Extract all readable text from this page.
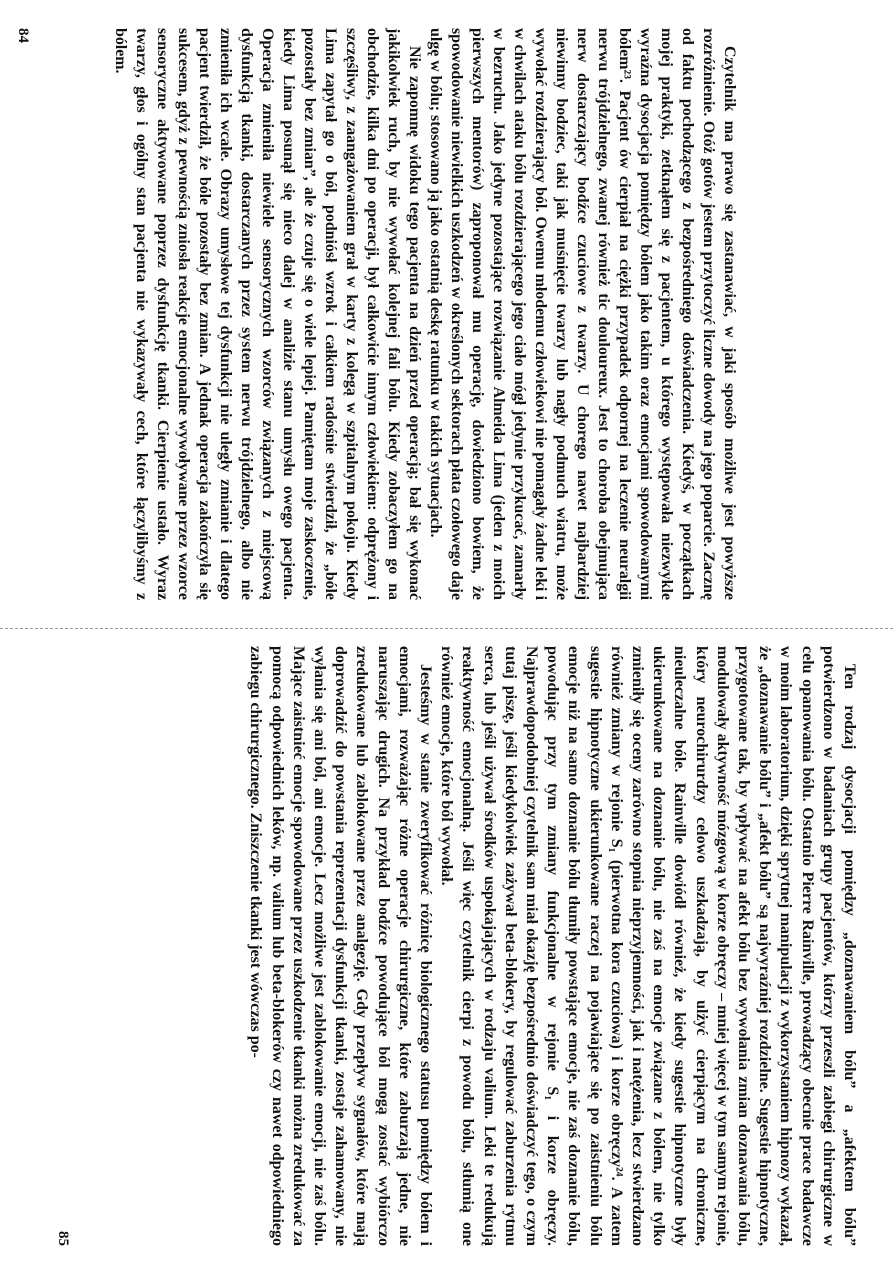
Czytelnik ma prawo się zastanawiać, w jaki sposób możliwe jest powyższe rozróżnienie. Otóż gotów jestem przytoczyć liczne dowody na jego poparcie. Zacznę od faktu pochodzącego z bezpośredniego doświadczenia. Kiedyś, w początkach mojej praktyki, zetknąłem się z pacjentem, u którego występowała niezwykle wyraźna dysocjacja pomiędzy bólem jako takim oraz emocjami spowodowanymi bólem²³. Pacjent ów cierpiał na ciężki przypadek odpornej na leczenie neuralgii nerwu trójdzielnego, zwanej również tic douloureux. Jest to choroba obejmująca nerw dostarczający bodźce czuciowe z twarzy. U chorego nawet najbardziej niewinny bodziec, taki jak muśnięcie twarzy lub nagły podmuch wiatru, może wywołać rozdzierający ból. Owemu młodemu człowiekowi nie pomagały żadne leki i w chwilach ataku bólu rozdzierającego jego ciało mógł jedynie przykucać, zamarły w bezruchu. Jako jedyne pozostające rozwiązanie Almeida Lima (jeden z moich pierwszych mentorów) zaproponował mu operację, dowiedziono bowiem, że spowodowanie niewielkich uszkodzeń w określonych sektorach płata czołowego daje ulgę w bólu; stosowano ją jako ostatnią deskę ratunku w takich sytuacjach.

Nie zapomnę widoku tego pacjenta na dzień przed operacją; bał się wykonać jakikolwiek ruch, by nie wywołać kolejnej fali bólu. Kiedy zobaczyłem go na obchodzie, kilka dni po operacji, był całkowicie innym człowiekiem: odprężony i szczęśliwy, z zaangażowaniem grał w karty z kolegą w szpitalnym pokoju. Kiedy Lima zapytał go o ból, podniósł wzrok i całkiem radośnie stwierdził, że „bóle pozostały bez zmian”, ale że czuje się o wiele lepiej. Pamiętam moje zaskoczenie, kiedy Lima posunął się nieco dalej w analizie stanu umysłu owego pacjenta. Operacja zmieniła niewiele sensorycznych wzorców związanych z miejscową dysfunkcją tkanki, dostarczanych przez system nerwu trójdzielnego, albo nie zmieniła ich wcale. Obrazy umysłowe tej dysfunkcji nie uległy zmianie i dlatego pacjent twierdził, że bóle pozostały bez zmian. A jednak operacja zakończyła się sukcesem, gdyż z pewnością zniosła reakcje emocjonalne wywoływane przez wzorce sensoryczne aktywowane poprzez dysfunkcję tkanki. Cierpienie ustało. Wyraz twarzy, głos i ogólny stan pacjenta nie wykazywały cech, które łączylibyśmy z bólem.

84

Ten rodzaj dysocjacji pomiędzy „doznawaniem bólu” a „afektem bólu” potwierdzono w badaniach grupy pacjentów, którzy przeszli zabiegi chirurgiczne w celu opanowania bólu. Ostatnio Pierre Rainville, prowadzący obecnie prace badawcze w moim laboratorium, dzięki sprytnej manipulacji z wykorzystaniem hipnozy wykazał, że „doznawanie bólu” i „afekt bólu” są najwyraźniej rozdzielne. Sugestie hipnotyczne, przygotowane tak, by wpływać na afekt bólu bez wywołania zmian doznawania bólu, modulowały aktywność mózgową w korze obręczy – mniej więcej w tym samym rejonie, który neurochirurdzy celowo uszkadzają, by ulżyć cierpiącym na chroniczne, nieuleczalne bóle. Rainville dowiódł również, że kiedy sugestie hipnotyczne były ukierunkowane na doznanie bólu, nie zaś na emocje związane z bólem, nie tylko zmieniły się oceny zarówno stopnia nieprzyjemności, jak i natężenia, lecz stwierdzano również zmiany w rejonie S₁ (pierwotna kora czuciowa) i korze obręczy²⁴. A zatem sugestie hipnotyczne ukierunkowane raczej na pojawiające się po zaistnieniu bólu emocje niż na samo doznanie bólu tłumiły powstające emocje, nie zaś doznanie bólu, powodując przy tym zmiany funkcjonalne w rejonie S₁ i korze obręczy. Najprawdopodobniej czytelnik sam miał okazję bezpośrednio doświadczyć tego, o czym tutaj piszę, jeśli kiedykolwiek zażywał beta-blokery, by regulować zaburzenia rytmu serca, lub jeśli używał środków uspokajających w rodzaju valium. Leki te redukują reaktywność emocjonalną. Jeśli więc czytelnik cierpi z powodu bólu, stłumią one również emocje, które ból wywołał.

Jesteśmy w stanie zweryfikować różnicę biologicznego statusu pomiędzy bólem i emocjami, rozważając różne operacje chirurgiczne, które zaburzają jedne, nie naruszając drugich. Na przykład bodźce powodujące ból mogą zostać wybiórczo zredukowane lub zablokowane przez analgezję. Gdy przepływ sygnałów, które mają doprowadzić do powstania reprezentacji dysfunkcji tkanki, zostaje zahamowany, nie wyłania się ani ból, ani emocje. Lecz możliwe jest zablokowanie emocji, nie zaś bólu. Mające zaistnieć emocje spowodowane przez uszkodzenie tkanki można zredukować za pomocą odpowiednich leków, np. valium lub beta-blokerów czy nawet odpowiedniego zabiegu chirurgicznego. Zniszczenie tkanki jest wówczas po-

85
